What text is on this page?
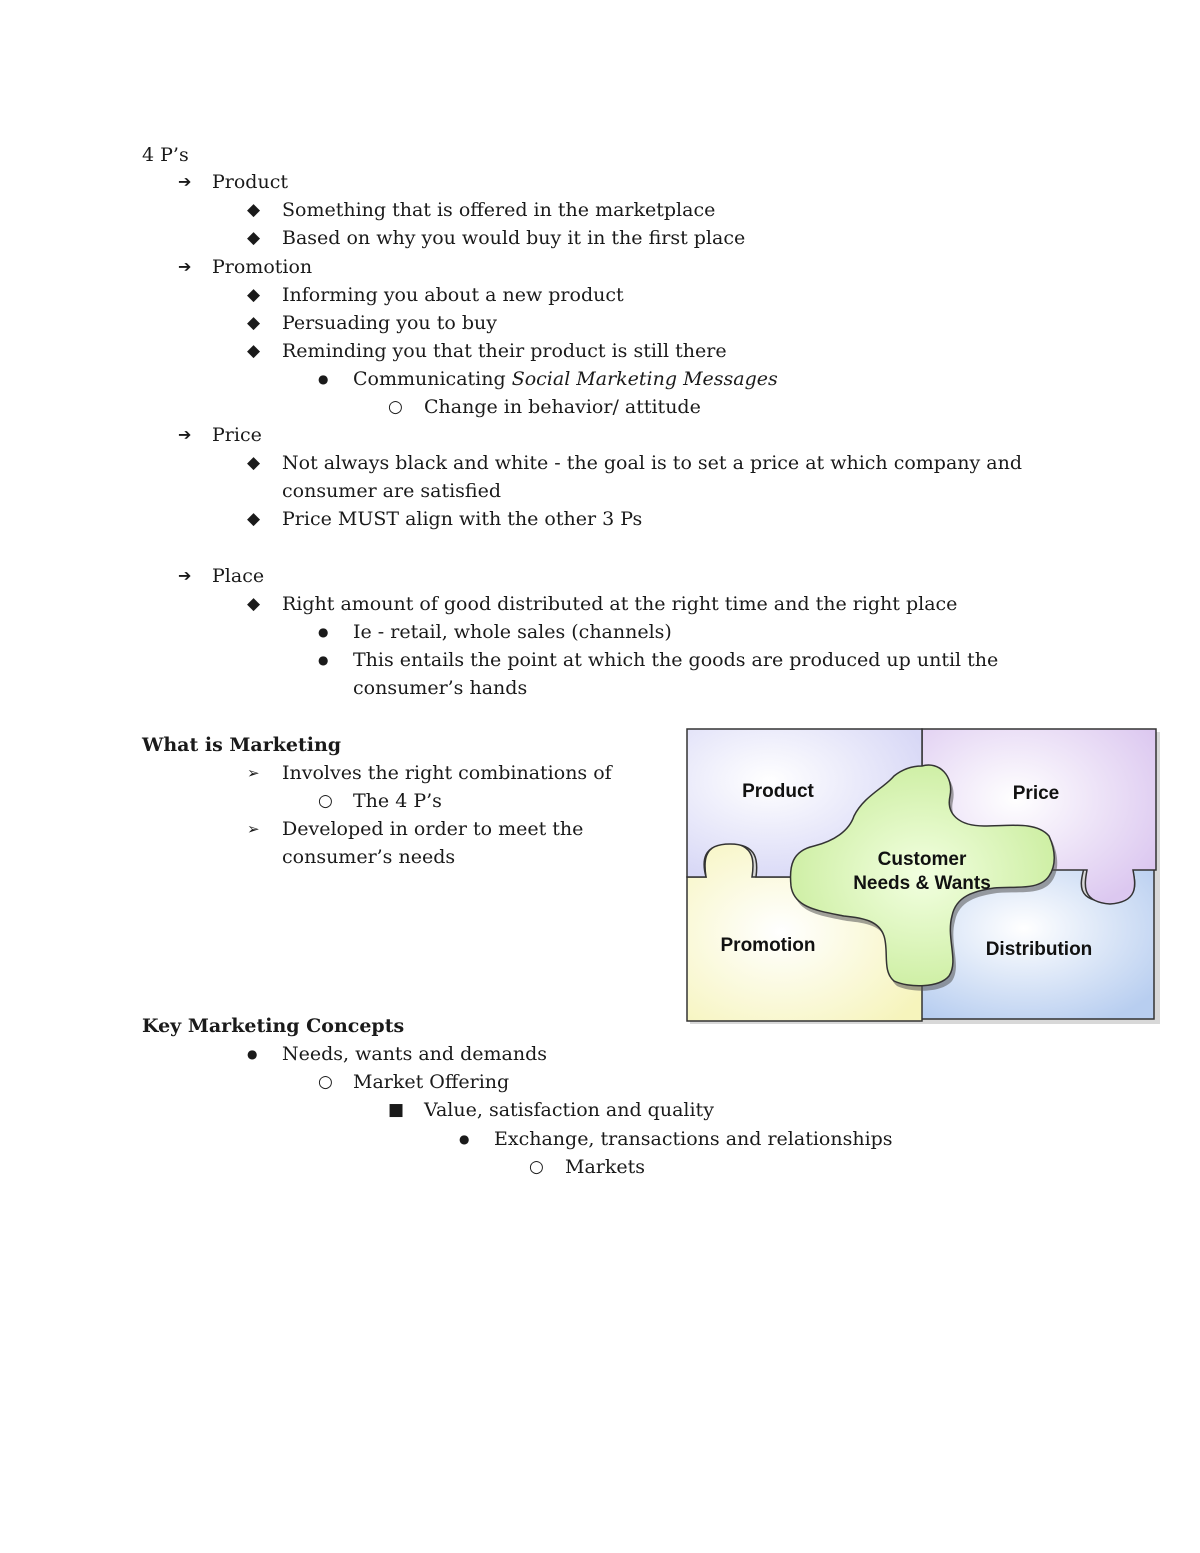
4 P’s
➔ Product
◆ Something that is offered in the marketplace
◆ Based on why you would buy it in the first place
➔ Promotion
◆ Informing you about a new product
◆ Persuading you to buy
◆ Reminding you that their product is still there
● Communicating Social Marketing Messages
○ Change in behavior/ attitude
➔ Price
◆ Not always black and white - the goal is to set a price at which company and
consumer are satisfied
◆ Price MUST align with the other 3 Ps
➔ Place
◆ Right amount of good distributed at the right time and the right place
● Ie - retail, whole sales (channels)
● This entails the point at which the goods are produced up until the
consumer’s hands
What is Marketing
➢ Involves the right combinations of
○ The 4 P’s
➢ Developed in order to meet the
consumer’s needs
Product	Price
Promotion	Distribution
Customer
Needs & Wants
Key Marketing Concepts
● Needs, wants and demands
○ Market Offering
■ Value, satisfaction and quality
● Exchange, transactions and relationships
○ Markets
